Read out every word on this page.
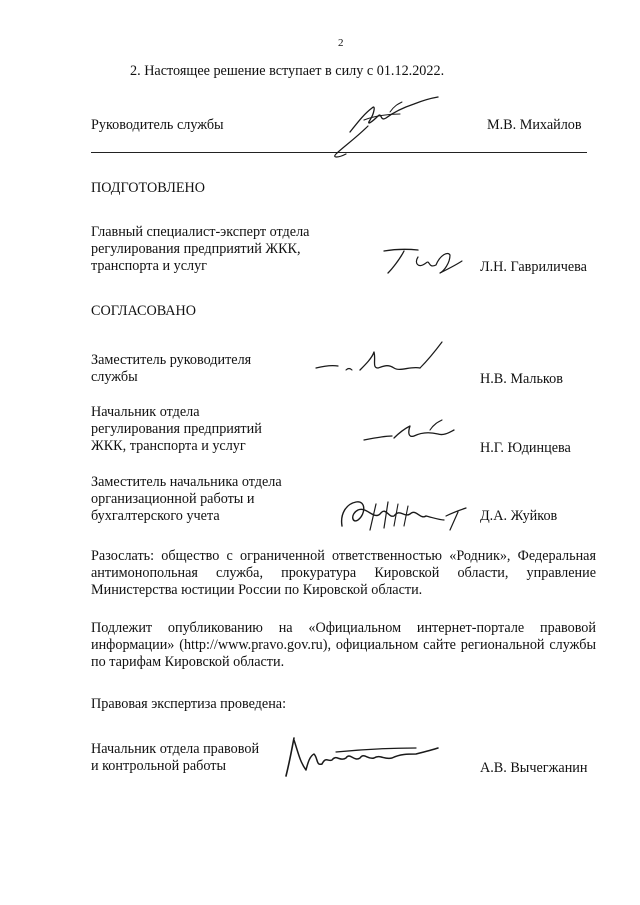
2
2. Настоящее решение вступает в силу с 01.12.2022.
Руководитель службы	М.В. Михайлов
ПОДГОТОВЛЕНО
Главный специалист-эксперт отдела
регулирования предприятий ЖКК,
транспорта и услуг	Л.Н. Гавриличева
СОГЛАСОВАНО
Заместитель руководителя
службы	Н.В. Мальков
Начальник отдела
регулирования предприятий
ЖКК, транспорта и услуг	Н.Г. Юдинцева
Заместитель начальника отдела
организационной работы и
бухгалтерского учета	Д.А. Жуйков
Разослать: общество с ограниченной ответственностью «Родник», Федеральная антимонопольная служба, прокуратура Кировской области, управление Министерства юстиции России по Кировской области.
Подлежит опубликованию на «Официальном интернет-портале правовой информации» (http://www.pravo.gov.ru), официальном сайте региональной службы по тарифам Кировской области.
Правовая экспертиза проведена:
Начальник отдела правовой
и контрольной работы	А.В. Вычегжанин
